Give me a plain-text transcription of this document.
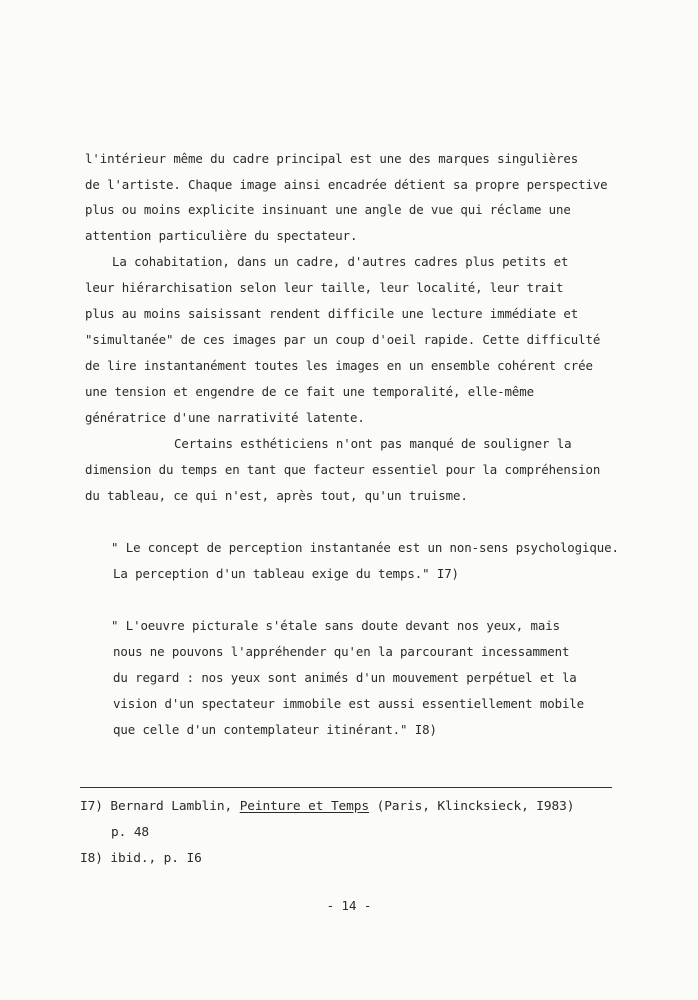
l'intérieur même du cadre principal est une des marques singulières
de l'artiste. Chaque image ainsi encadrée détient sa propre perspective
plus ou moins explicite insinuant une angle de vue qui réclame une
attention particulière du spectateur.
La cohabitation, dans un cadre, d'autres cadres plus petits et
leur hiérarchisation selon leur taille, leur localité, leur trait
plus au moins saisissant rendent difficile une lecture immédiate et
"simultanée" de ces images par un coup d'oeil rapide. Cette difficulté
de lire instantanément toutes les images en un ensemble cohérent crée
une tension et engendre de ce fait une temporalité, elle-même
génératrice d'une narrativité latente.
Certains esthéticiens n'ont pas manqué de souligner la
dimension du temps en tant que facteur essentiel pour la compréhension
du tableau, ce qui n'est, après tout, qu'un truisme.
" Le concept de perception instantanée est un non-sens psychologique.
La perception d'un tableau exige du temps." I7)
" L'oeuvre picturale s'étale sans doute devant nos yeux, mais
nous ne pouvons l'appréhender qu'en la parcourant incessamment
du regard : nos yeux sont animés d'un mouvement perpétuel et la
vision d'un spectateur immobile est aussi essentiellement mobile
que celle d'un contemplateur itinérant." I8)
I7) Bernard Lamblin, Peinture et Temps (Paris, Klincksieck, I983)
p. 48
I8) ibid., p. I6
- 14 -
